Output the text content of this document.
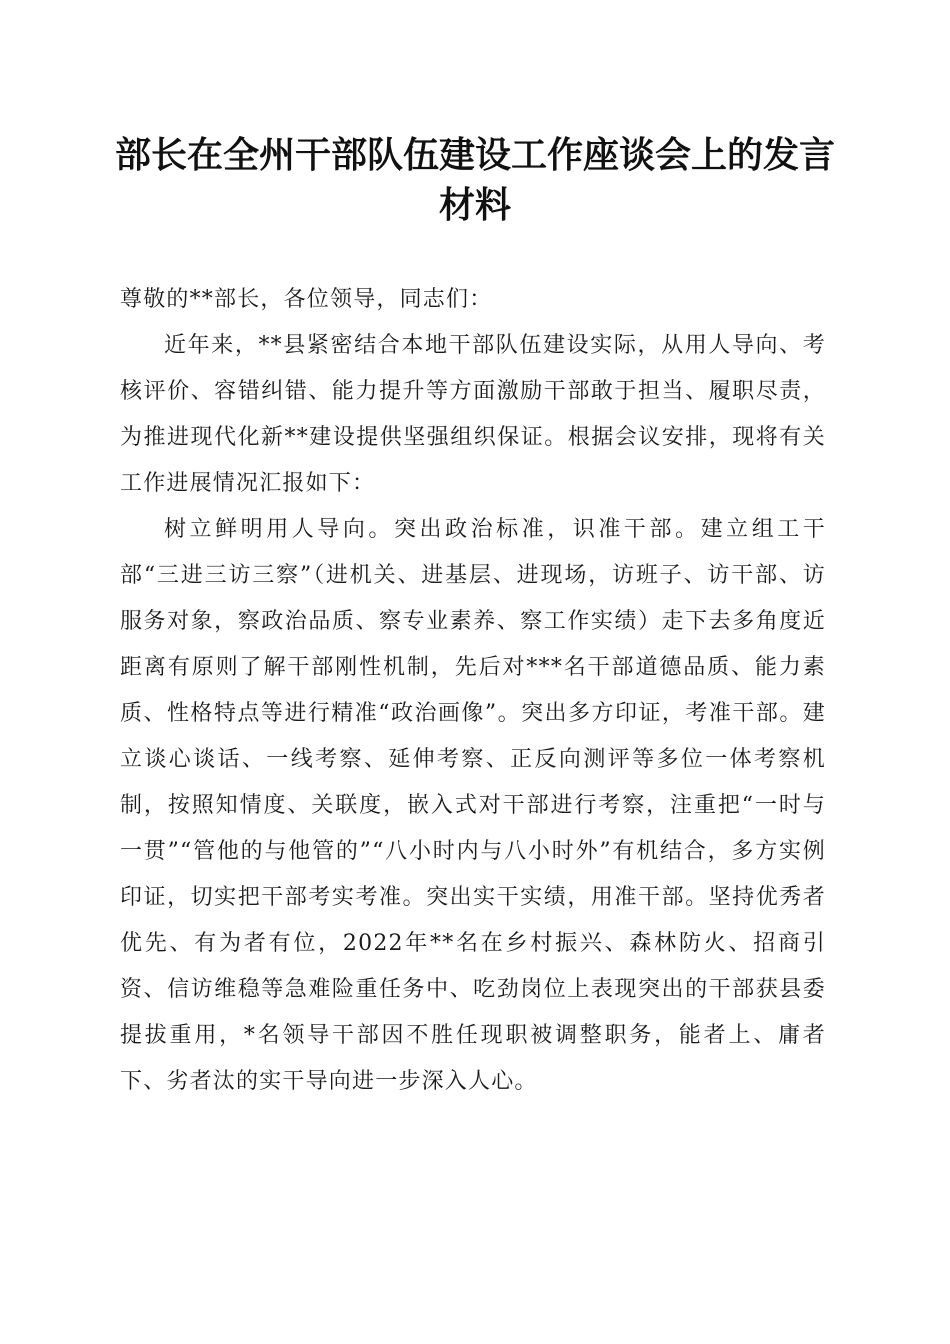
部长在全州干部队伍建设工作座谈会上的发言材料

尊敬的**部长，各位领导，同志们：

近年来，**县紧密结合本地干部队伍建设实际，从用人导向、考核评价、容错纠错、能力提升等方面激励干部敢于担当、履职尽责，为推进现代化新**建设提供坚强组织保证。根据会议安排，现将有关工作进展情况汇报如下：

树立鲜明用人导向。突出政治标准，识准干部。建立组工干部“三进三访三察”（进机关、进基层、进现场，访班子、访干部、访服务对象，察政治品质、察专业素养、察工作实绩）走下去多角度近距离有原则了解干部刚性机制，先后对***名干部道德品质、能力素质、性格特点等进行精准“政治画像”。突出多方印证，考准干部。建立谈心谈话、一线考察、延伸考察、正反向测评等多位一体考察机制，按照知情度、关联度，嵌入式对干部进行考察，注重把“一时与一贯”“管他的与他管的”“八小时内与八小时外”有机结合，多方实例印证，切实把干部考实考准。突出实干实绩，用准干部。坚持优秀者优先、有为者有位，2022年**名在乡村振兴、森林防火、招商引资、信访维稳等急难险重任务中、吃劲岗位上表现突出的干部获县委提拔重用，*名领导干部因不胜任现职被调整职务，能者上、庸者下、劣者汰的实干导向进一步深入人心。
